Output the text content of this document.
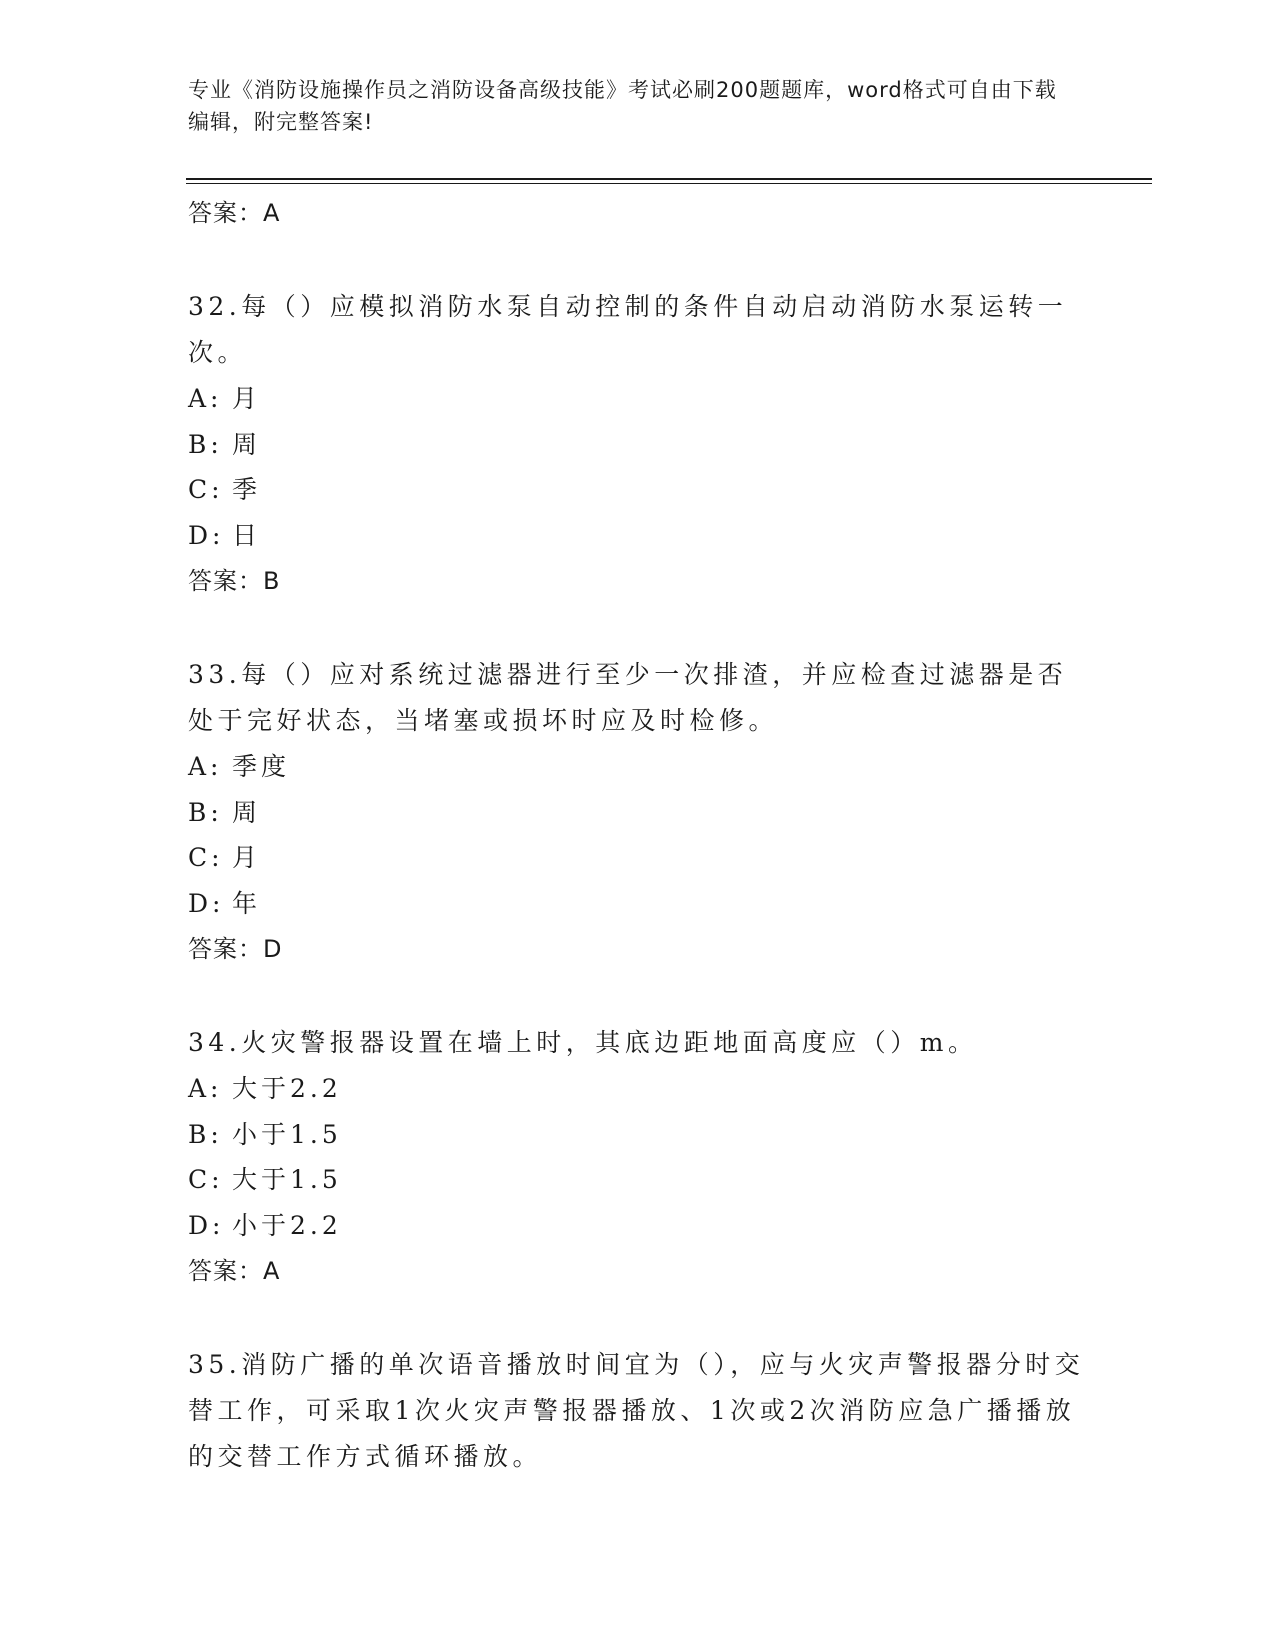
专业《消防设施操作员之消防设备高级技能》考试必刷200题题库，word格式可自由下载编辑，附完整答案!

答案：A

32.每（）应模拟消防水泵自动控制的条件自动启动消防水泵运转一次。

A: 月

B: 周

C: 季

D: 日

答案：B

33.每（）应对系统过滤器进行至少一次排渣，并应检查过滤器是否处于完好状态，当堵塞或损坏时应及时检修。

A: 季度

B: 周

C: 月

D: 年

答案：D

34.火灾警报器设置在墙上时，其底边距地面高度应（）m。

A: 大于2.2

B: 小于1.5

C: 大于1.5

D: 小于2.2

答案：A

35.消防广播的单次语音播放时间宜为（），应与火灾声警报器分时交替工作，可采取1次火灾声警报器播放、1次或2次消防应急广播播放的交替工作方式循环播放。
